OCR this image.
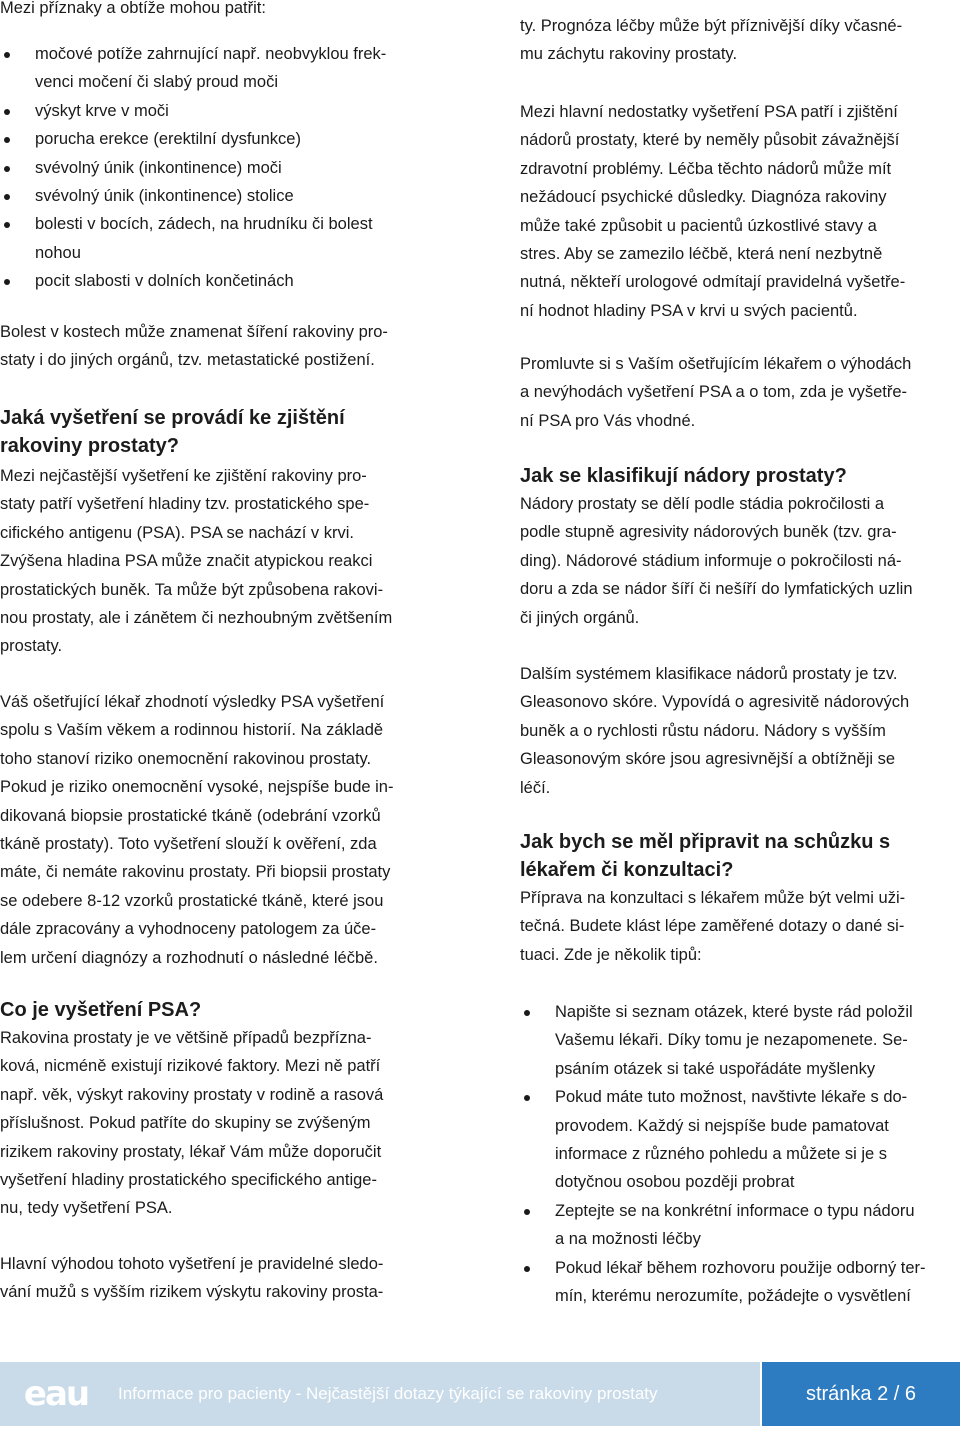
Mezi příznaky a obtíže mohou patřit:
močové potíže zahrnující např. neobvyklou frek-
venci močení či slabý proud moči
výskyt krve v moči
porucha erekce (erektilní dysfunkce)
svévolný únik (inkontinence) moči
svévolný únik (inkontinence) stolice
bolesti v bocích, zádech, na hrudníku či bolest
nohou
pocit slabosti v dolních končetinách
Bolest v kostech může znamenat šíření rakoviny pro-
staty i do jiných orgánů, tzv. metastatické postižení.
Jaká vyšetření se provádí ke zjištění
rakoviny prostaty?
Mezi nejčastější vyšetření ke zjištění rakoviny pro-
staty patří vyšetření hladiny tzv. prostatického spe-
cifického antigenu (PSA). PSA se nachází v krvi.
Zvýšena hladina PSA může značit atypickou reakci
prostatických buněk. Ta může být způsobena rakovi-
nou prostaty, ale i zánětem či nezhoubným zvětšením
prostaty.
Váš ošetřující lékař zhodnotí výsledky PSA vyšetření
spolu s Vaším věkem a rodinnou historií. Na základě
toho stanoví riziko onemocnění rakovinou prostaty.
Pokud je riziko onemocnění vysoké, nejspíše bude in-
dikovaná biopsie prostatické tkáně (odebrání vzorků
tkáně prostaty). Toto vyšetření slouží k ověření, zda
máte, či nemáte rakovinu prostaty. Při biopsii prostaty
se odebere 8-12 vzorků prostatické tkáně, které jsou
dále zpracovány a vyhodnoceny patologem za úče-
lem určení diagnózy a rozhodnutí o následné léčbě.
Co je vyšetření PSA?
Rakovina prostaty je ve většině případů bezpříznа-
ková, nicméně existují rizikové faktory. Mezi ně patří
např. věk, výskyt rakoviny prostaty v rodině a rasová
příslušnost. Pokud patříte do skupiny se zvýšeným
rizikem rakoviny prostaty, lékař Vám může doporučit
vyšetření hladiny prostatického specifického antige-
nu, tedy vyšetření PSA.
Hlavní výhodou tohoto vyšetření je pravidelné sledo-
vání mužů s vyšším rizikem výskytu rakoviny prosta-
ty. Prognóza léčby může být příznivější díky včasné-
mu záchytu rakoviny prostaty.
Mezi hlavní nedostatky vyšetření PSA patří i zjištění
nádorů prostaty, které by neměly působit závažnější
zdravotní problémy. Léčba těchto nádorů může mít
nežádoucí psychické důsledky. Diagnóza rakoviny
může také způsobit u pacientů úzkostlivé stavy a
stres. Aby se zamezilo léčbě, která není nezbytně
nutná, někteří urologové odmítají pravidelná vyšetře-
ní hodnot hladiny PSA v krvi u svých pacientů.
Promluvte si s Vaším ošetřujícím lékařem o výhodách
a nevýhodách vyšetření PSA a o tom, zda je vyšetře-
ní PSA pro Vás vhodné.
Jak se klasifikují nádory prostaty?
Nádory prostaty se dělí podle stádia pokročilosti a
podle stupně agresivity nádorových buněk (tzv. gra-
ding). Nádorové stádium informuje o pokročilosti ná-
doru a zda se nádor šíří či nešíří do lymfatických uzlin
či jiných orgánů.
Dalším systémem klasifikace nádorů prostaty je tzv.
Gleasonovo skóre. Vypovídá o agresivitě nádorových
buněk a o rychlosti růstu nádoru. Nádory s vyšším
Gleasonovým skóre jsou agresivnější a obtížněji se
léčí.
Jak bych se měl připravit na schůzku s
lékařem či konzultaci?
Příprava na konzultaci s lékařem může být velmi uži-
tečná. Budete klást lépe zaměřené dotazy o dané si-
tuaci. Zde je několik tipů:
Napište si seznam otázek, které byste rád položil
Vašemu lékaři. Díky tomu je nezapomenete. Se-
psáním otázek si také uspořádáte myšlenky
Pokud máte tuto možnost, navštivte lékaře s do-
provodem. Každý si nejspíše bude pamatovat
informace z různého pohledu a můžete si je s
dotyčnou osobou později probrat
Zeptejte se na konkrétní informace o typu nádoru
a na možnosti léčby
Pokud lékař během rozhovoru použije odborný ter-
mín, kterému nerozumíte, požádejte o vysvětlení
eau Informace pro pacienty - Nejčastější dotazy týkající se rakoviny prostaty	stránka 2 / 6
